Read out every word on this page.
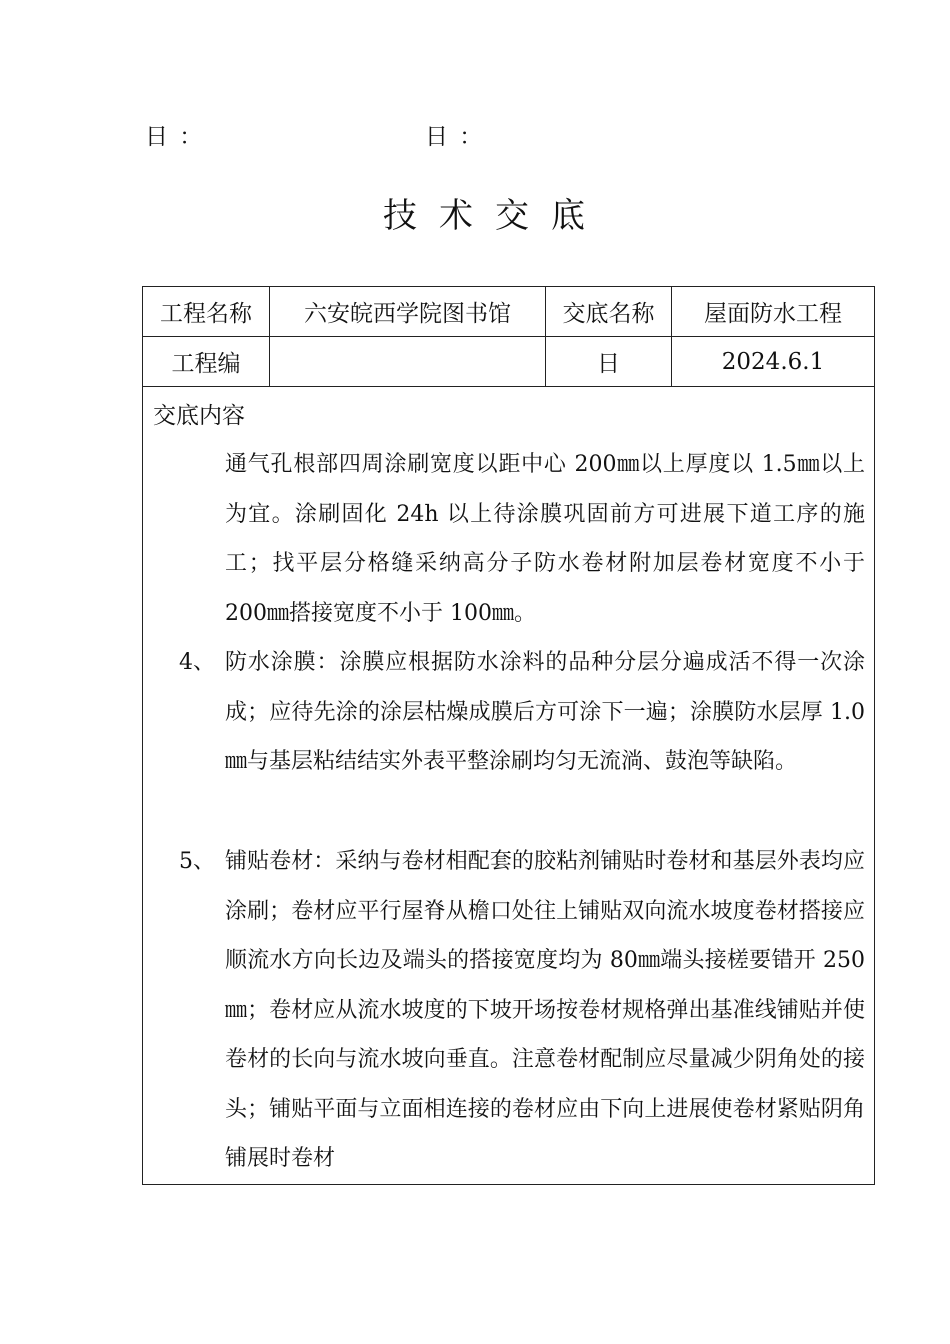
日 ：	日 ：
技术交底
工程名称	六安皖西学院图书馆	交底名称	屋面防水工程
工程编		日	2024.6.1
交底内容
通气孔根部四周涂刷宽度以距中心 200㎜以上厚度以 1.5㎜以上为宜。涂刷固化 24h 以上待涂膜巩固前方可进展下道工序的施工；找平层分格缝采纳高分子防水卷材附加层卷材宽度不小于 200㎜搭接宽度不小于 100㎜。
4、 防水涂膜：涂膜应根据防水涂料的品种分层分遍成活不得一次涂成；应待先涂的涂层枯燥成膜后方可涂下一遍；涂膜防水层厚 1.0㎜与基层粘结结实外表平整涂刷均匀无流淌、鼓泡等缺陷。
5、 铺贴卷材：采纳与卷材相配套的胶粘剂铺贴时卷材和基层外表均应涂刷；卷材应平行屋脊从檐口处往上铺贴双向流水坡度卷材搭接应顺流水方向长边及端头的搭接宽度均为 80㎜端头接槎要错开 250㎜；卷材应从流水坡度的下坡开场按卷材规格弹出基准线铺贴并使卷材的长向与流水坡向垂直。注意卷材配制应尽量减少阴角处的接头；铺贴平面与立面相连接的卷材应由下向上进展使卷材紧贴阴角铺展时卷材
